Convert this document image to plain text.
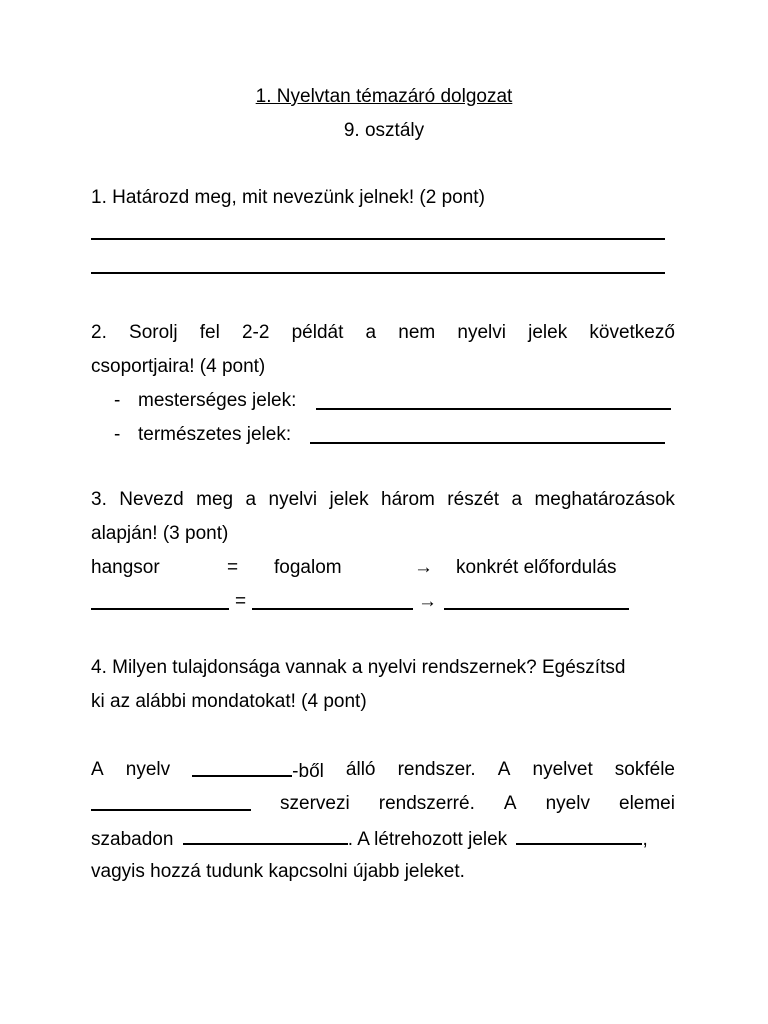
1. Nyelvtan témazáró dolgozat
9. osztály
1. Határozd meg, mit nevezünk jelnek! (2 pont)
2. Sorolj fel 2-2 példát a nem nyelvi jelek következő
csoportjaira! (4 pont)
- mesterséges jelek:
- természetes jelek:
3. Nevezd meg a nyelvi jelek három részét a meghatározások
alapján! (3 pont)
hangsor	= fogalom	→ konkrét előfordulás
=	→
4. Milyen tulajdonsága vannak a nyelvi rendszernek? Egészítsd
ki az alábbi mondatokat! (4 pont)
A nyelv	-ből álló rendszer. A nyelvet sokféle
szervezi rendszerré. A nyelv elemei
szabadon	. A létrehozott jelek	,
vagyis hozzá tudunk kapcsolni újabb jeleket.
